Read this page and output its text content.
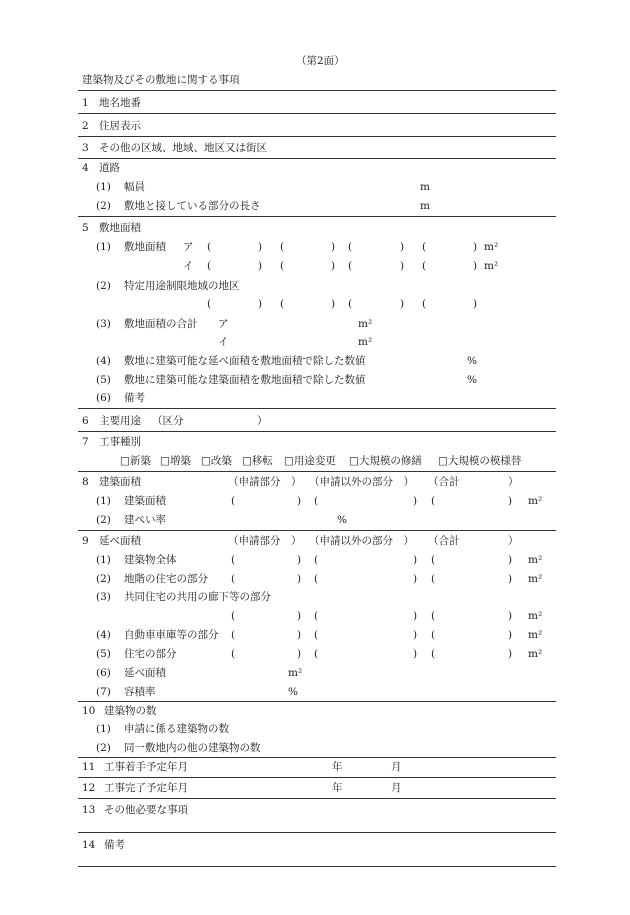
（第2面）
建築物及びその敷地に関する事項
1 地名地番
2 住居表示
3 その他の区域、地域、地区又は街区
4 道路
(1) 幅員	m
(2) 敷地と接している部分の長さ	m
5 敷地面積
(1) 敷地面積 ア (	) (	) (	) (	) m²
イ (	) (	) (	) (	) m²
(2) 特定用途制限地域の地区
(	) (	) (	) (	)
(3) 敷地面積の合計 ア	m²
イ	m²
(4) 敷地に建築可能な延べ面積を敷地面積で除した数値	%
(5) 敷地に建築可能な建築面積を敷地面積で除した数値	%
(6) 備考
6 主要用途 （区分	）
7 工事種別
□新築 □増築 □改築 □移転 □用途変更 □大規模の修繕 □大規模の模様替
8 建築面積	（申請部分　） （申請以外の部分　） （合計	）
(1) 建築面積	(	) (	) (	) m²
(2) 建ぺい率	%
9 延べ面積	（申請部分　） （申請以外の部分　） （合計	）
(1) 建築物全体	(	) (	) (	) m²
(2) 地階の住宅の部分 (	) (	) (	) m²
(3) 共同住宅の共用の廊下等の部分
(	) (	) (	) m²
(4) 自動車車庫等の部分 (	) (	) (	) m²
(5) 住宅の部分	(	) (	) (	) m²
(6) 延べ面積	m²
(7) 容積率	%
10 建築物の数
(1) 申請に係る建築物の数
(2) 同一敷地内の他の建築物の数
11 工事着手予定年月	年	月
12 工事完了予定年月	年	月
13 その他必要な事項
14 備考
